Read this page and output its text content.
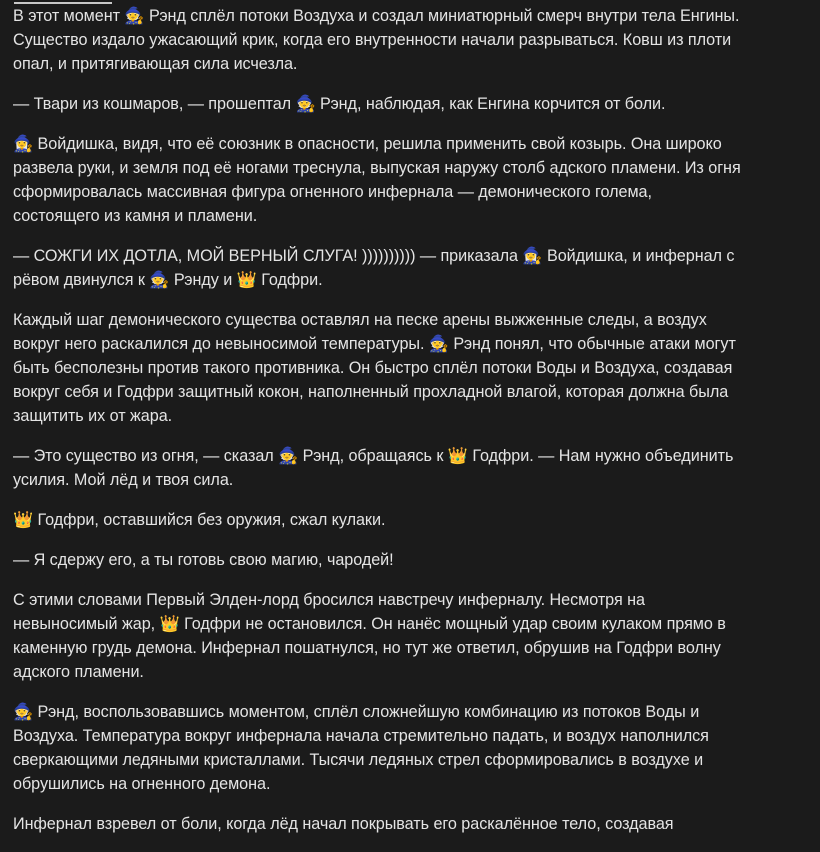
В этот момент 🧙 Рэнд сплёл потоки Воздуха и создал миниатюрный смерч внутри тела Енгины.
Существо издало ужасающий крик, когда его внутренности начали разрываться. Ковш из плоти
опал, и притягивающая сила исчезла.

— Твари из кошмаров, — прошептал 🧙 Рэнд, наблюдая, как Енгина корчится от боли.

🧙‍♀️ Войдишка, видя, что её союзник в опасности, решила применить свой козырь. Она широко
развела руки, и земля под её ногами треснула, выпуская наружу столб адского пламени. Из огня
сформировалась массивная фигура огненного инфернала — демонического голема,
состоящего из камня и пламени.

— СОЖГИ ИХ ДОТЛА, МОЙ ВЕРНЫЙ СЛУГА! )))))))))) — приказала 🧙‍♀️ Войдишка, и инфернал с
рёвом двинулся к 🧙 Рэнду и 👑 Годфри.

Каждый шаг демонического существа оставлял на песке арены выжженные следы, а воздух
вокруг него раскалился до невыносимой температуры. 🧙 Рэнд понял, что обычные атаки могут
быть бесполезны против такого противника. Он быстро сплёл потоки Воды и Воздуха, создавая
вокруг себя и Годфри защитный кокон, наполненный прохладной влагой, которая должна была
защитить их от жара.

— Это существо из огня, — сказал 🧙 Рэнд, обращаясь к 👑 Годфри. — Нам нужно объединить
усилия. Мой лёд и твоя сила.

👑 Годфри, оставшийся без оружия, сжал кулаки.

— Я сдержу его, а ты готовь свою магию, чародей!

С этими словами Первый Элден-лорд бросился навстречу инферналу. Несмотря на
невыносимый жар, 👑 Годфри не остановился. Он нанёс мощный удар своим кулаком прямо в
каменную грудь демона. Инфернал пошатнулся, но тут же ответил, обрушив на Годфри волну
адского пламени.

🧙 Рэнд, воспользовавшись моментом, сплёл сложнейшую комбинацию из потоков Воды и
Воздуха. Температура вокруг инфернала начала стремительно падать, и воздух наполнился
сверкающими ледяными кристаллами. Тысячи ледяных стрел сформировались в воздухе и
обрушились на огненного демона.

Инфернал взревел от боли, когда лёд начал покрывать его раскалённое тело, создавая
